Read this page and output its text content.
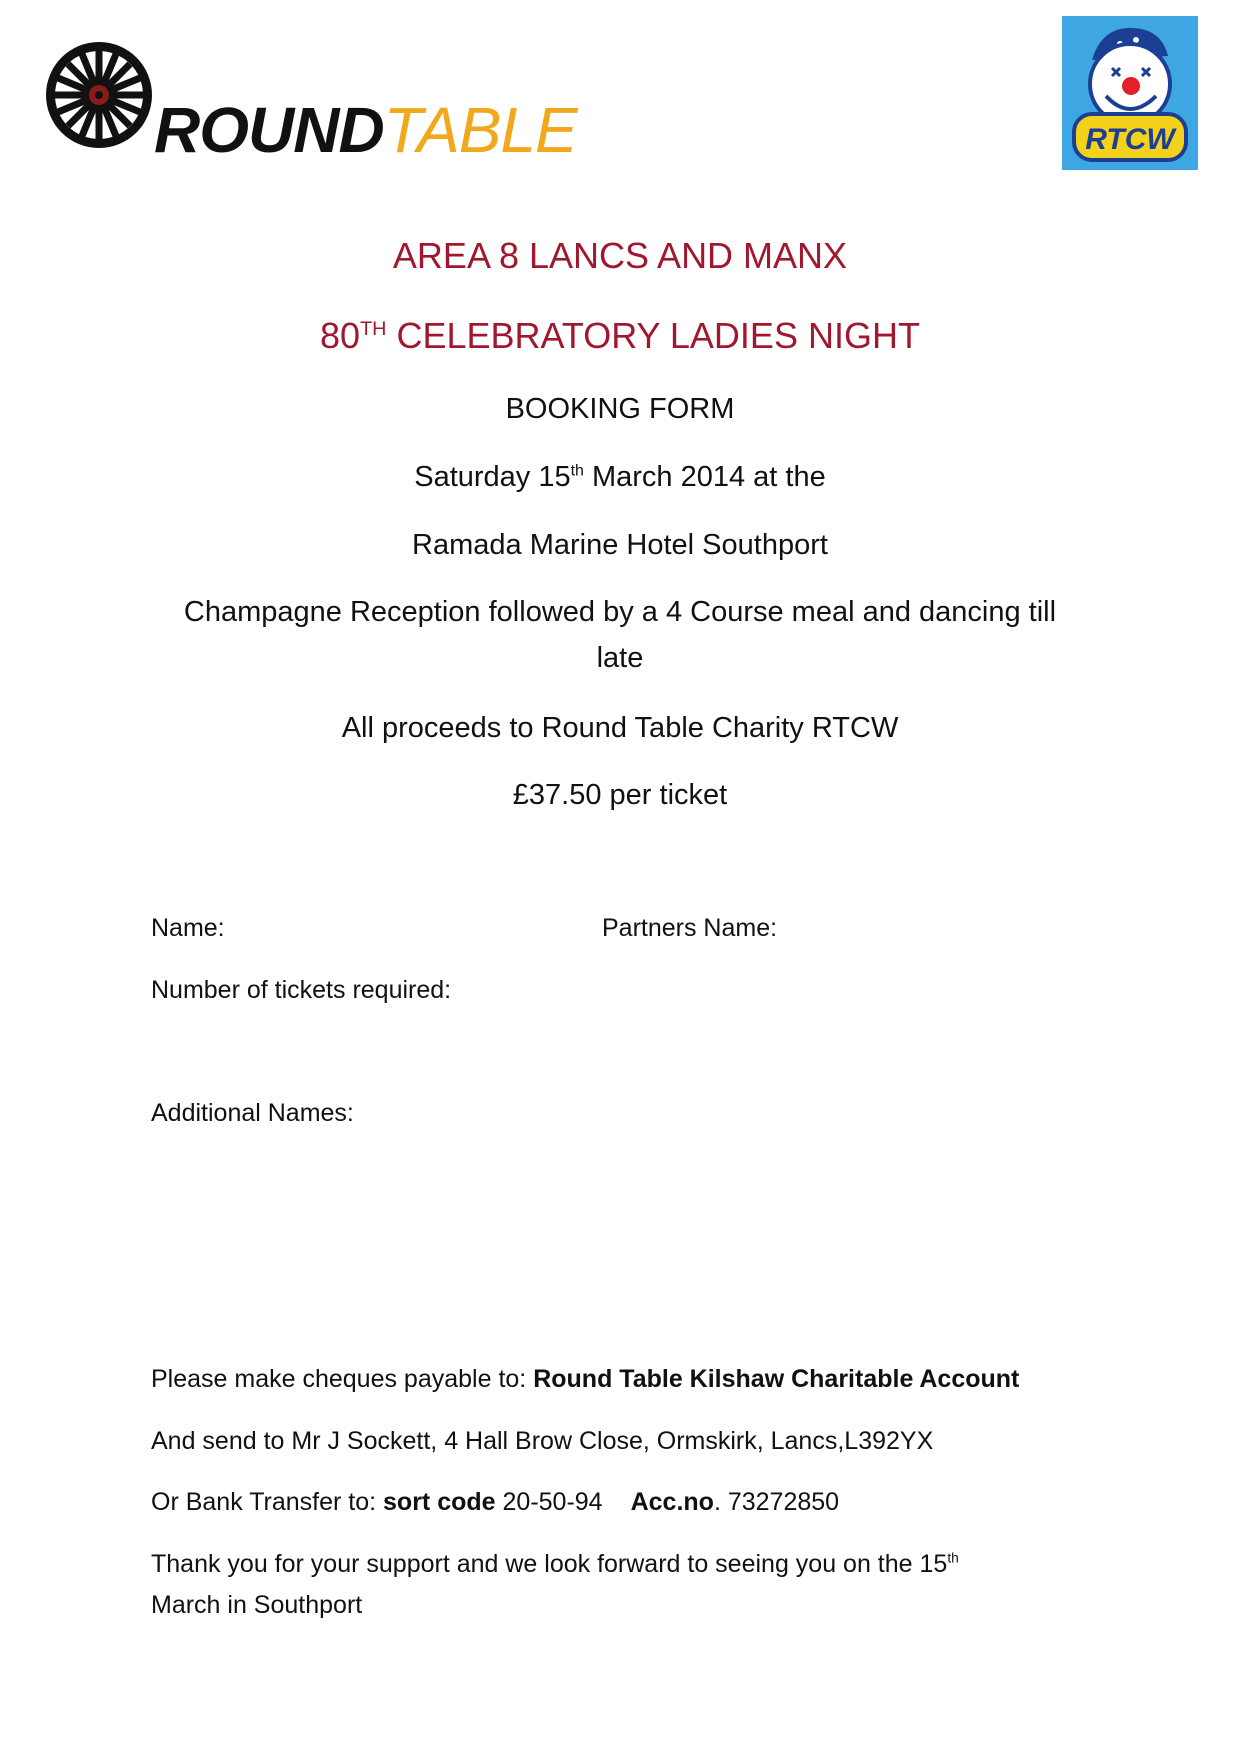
ROUNDTABLE	RTCW
AREA 8 LANCS AND MANX
80TH CELEBRATORY LADIES NIGHT
BOOKING FORM
Saturday 15th March 2014 at the
Ramada Marine Hotel Southport
Champagne Reception followed by a 4 Course meal and dancing till
late
All proceeds to Round Table Charity RTCW
£37.50 per ticket
Name:	Partners Name:
Number of tickets required:
Additional Names:
Please make cheques payable to: Round Table Kilshaw Charitable Account
And send to Mr J Sockett, 4 Hall Brow Close, Ormskirk, Lancs,L392YX
Or Bank Transfer to: sort code 20-50-94 Acc.no. 73272850
Thank you for your support and we look forward to seeing you on the 15th
March in Southport
